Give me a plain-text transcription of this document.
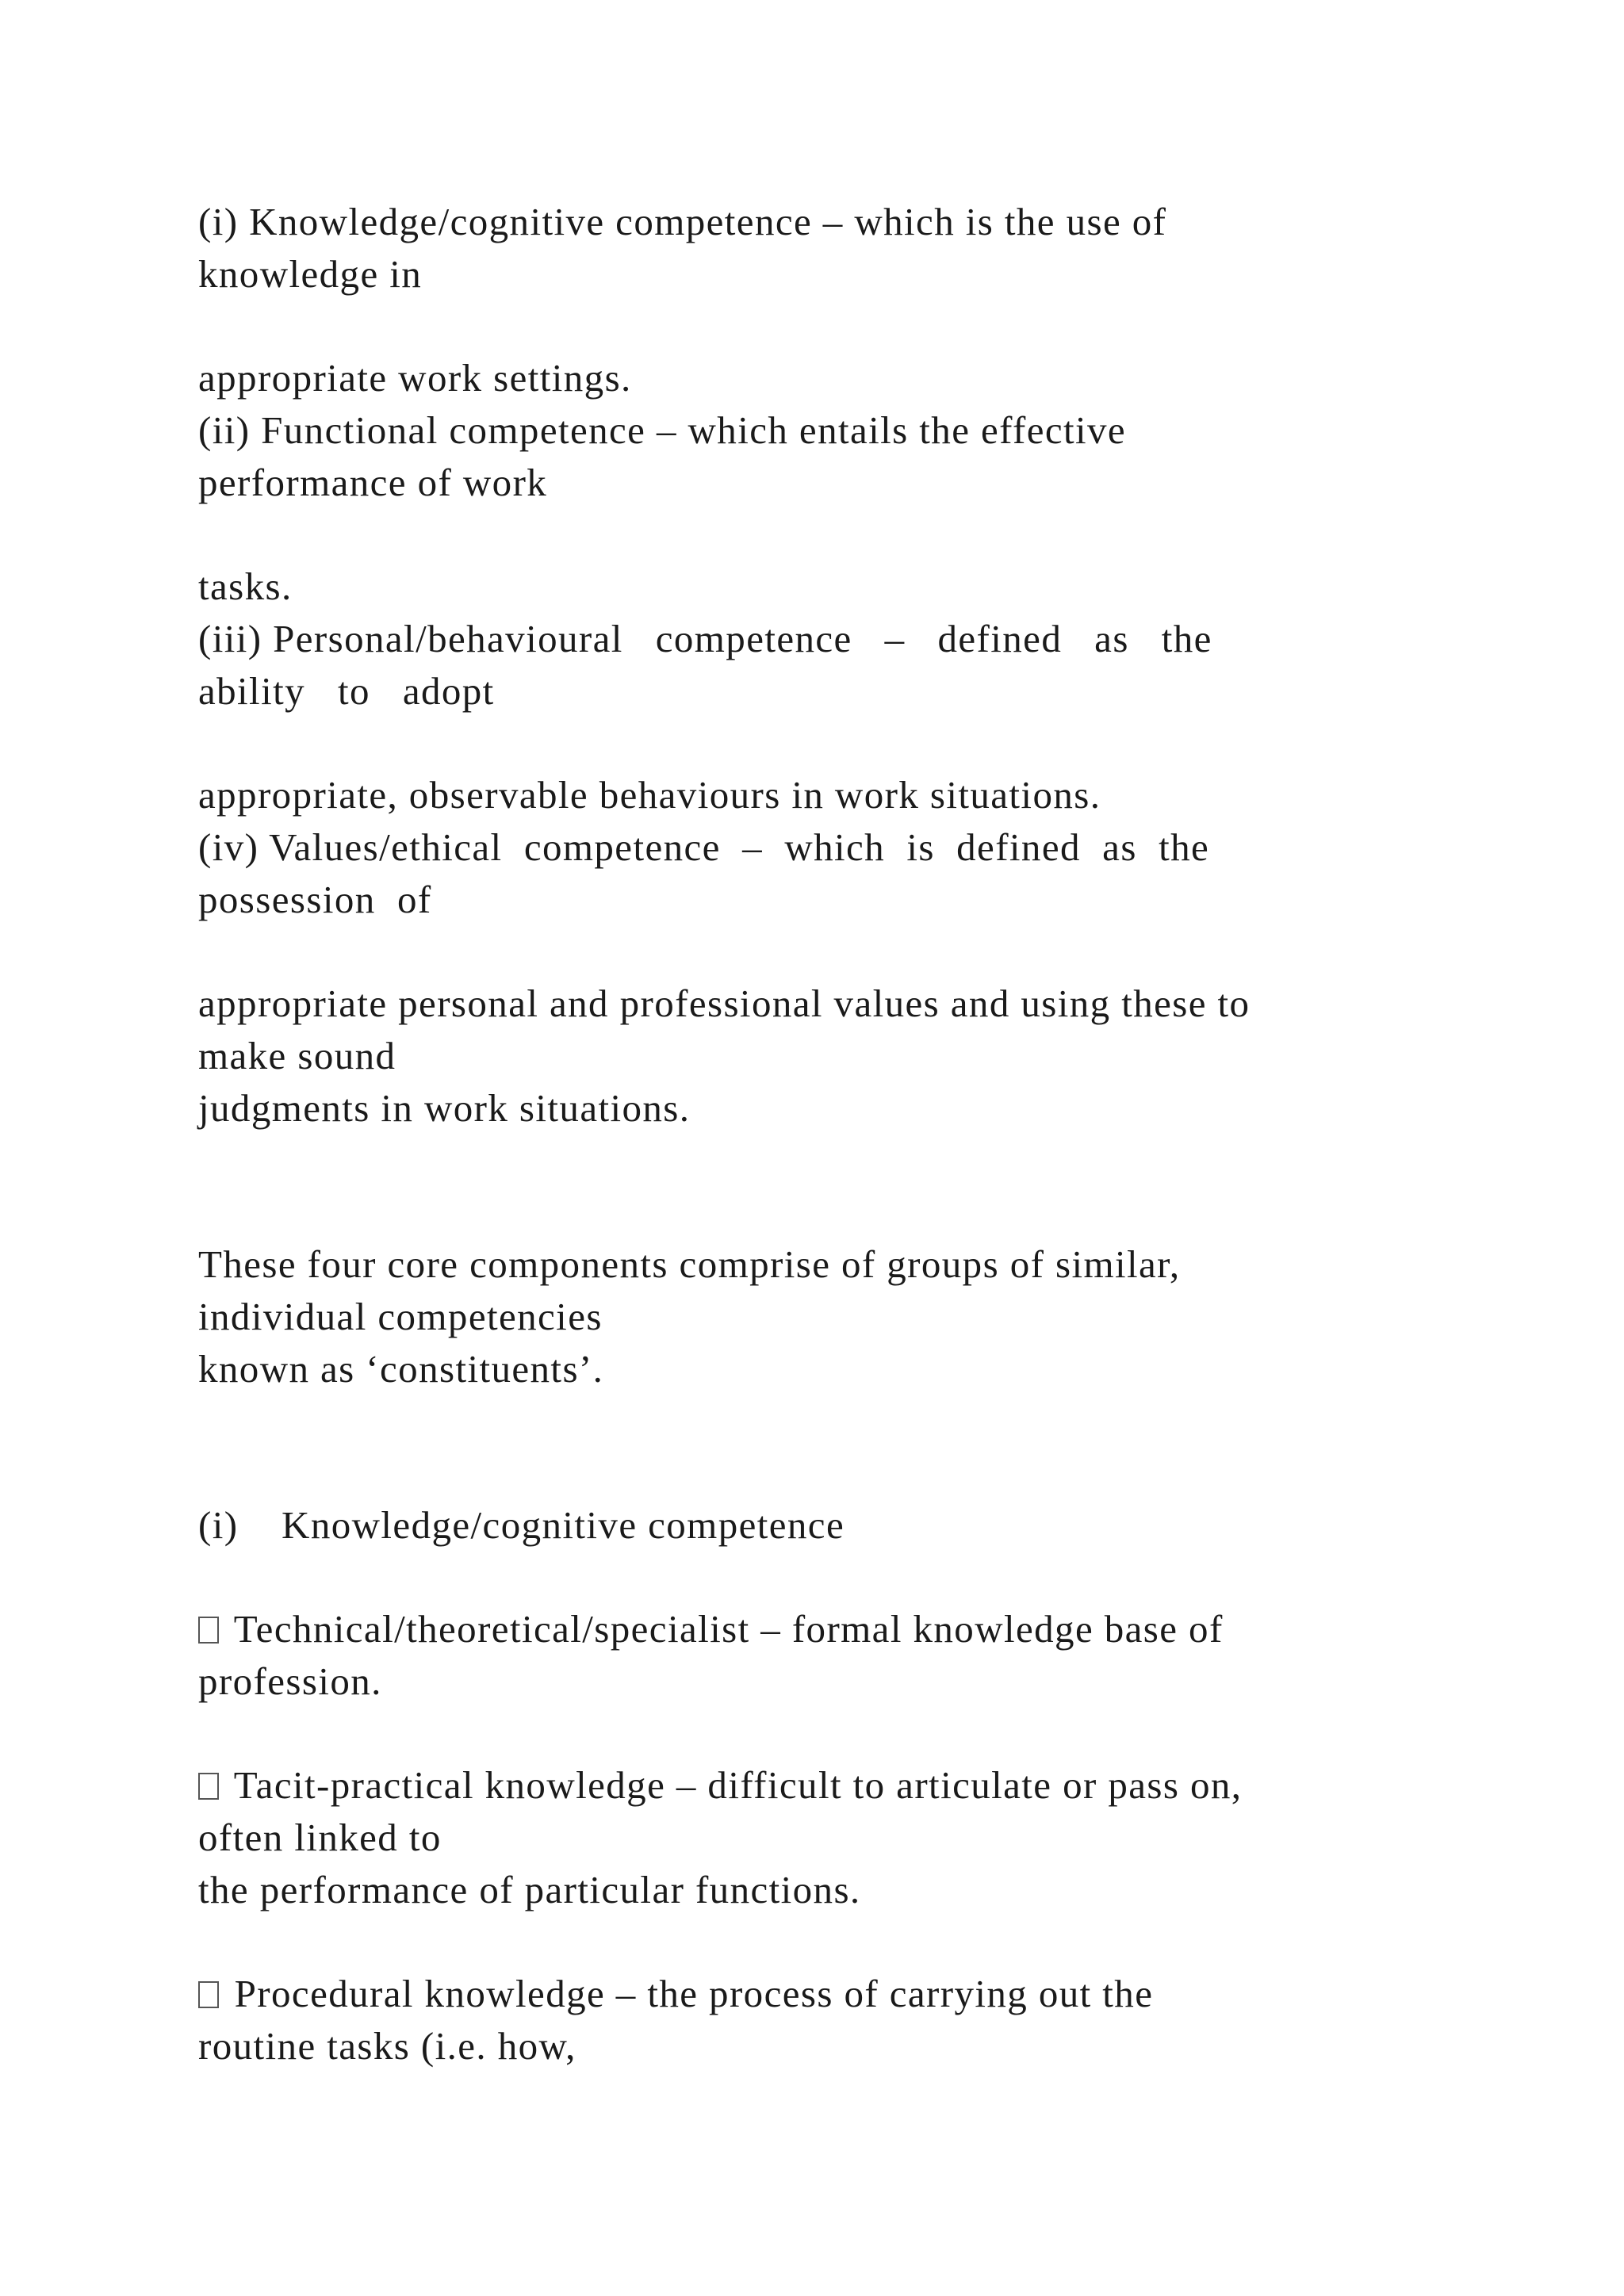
(i) Knowledge/cognitive competence – which is the use of

knowledge in

appropriate work settings.

(ii) Functional competence – which entails the effective

performance of work

tasks.

(iii) Personal/behavioural   competence   –   defined   as   the

ability   to   adopt

appropriate, observable behaviours in work situations.

(iv) Values/ethical  competence  –  which  is  defined  as  the

possession  of

appropriate personal and professional values and using these to

make sound

judgments in work situations.

These four core components comprise of groups of similar,

individual competencies

known as ‘constituents’.

(i)    Knowledge/cognitive competence

Technical/theoretical/specialist – formal knowledge base of

profession.

Tacit-practical knowledge – difficult to articulate or pass on,

often linked to

the performance of particular functions.

Procedural knowledge – the process of carrying out the

routine tasks (i.e. how,
